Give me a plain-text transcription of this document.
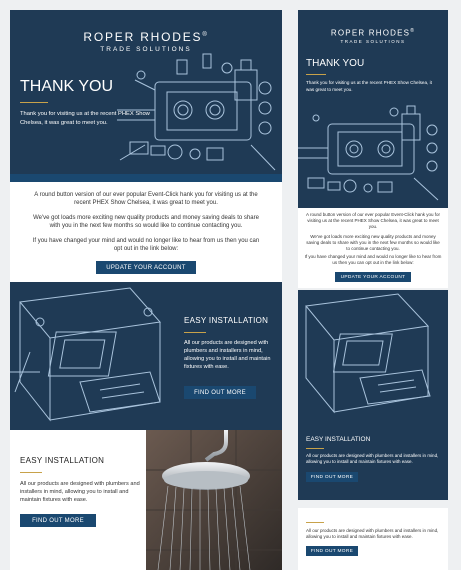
ROPER RHODES®
TRADE SOLUTIONS
THANK YOU
Thank you for visiting us at the recent PHEX Show Chelsea, it was great to meet you.
A round button version of our ever popular Event-Click hank you for visiting us at the recent PHEX Show Chelsea, it was great to meet you.
We've got loads more exciting new quality products and money saving deals to share with you in the next few months so would like to continue contacting you.
If you have changed your mind and would no longer like to hear from us then you can opt out in the link below:
UPDATE YOUR ACCOUNT
EASY INSTALLATION
All our products are designed with plumbers and installers in mind, allowing you to install and maintain fixtures with ease.
FIND OUT MORE
EASY INSTALLATION
All our products are designed with plumbers and installers in mind, allowing you to install and maintain fixtures with ease.
FIND OUT MORE
ROPER RHODES®
TRADE SOLUTIONS
THANK YOU
Thank you for visiting us at the recent PHEX Show Chelsea, it was great to meet you.
A round button version of our ever popular Event-Click hank you for visiting us at the recent PHEX Show Chelsea, it was great to meet you.
We've got loads more exciting new quality products and money saving deals to share with you in the next few months so would like to continue contacting you.
If you have changed your mind and would no longer like to hear from us then you can opt out in the link below:
UPDATE YOUR ACCOUNT
EASY INSTALLATION
All our products are designed with plumbers and installers in mind, allowing you to install and maintain fixtures with ease.
FIND OUT MORE
All our products are designed with plumbers and installers in mind, allowing you to install and maintain fixtures with ease.
FIND OUT MORE
